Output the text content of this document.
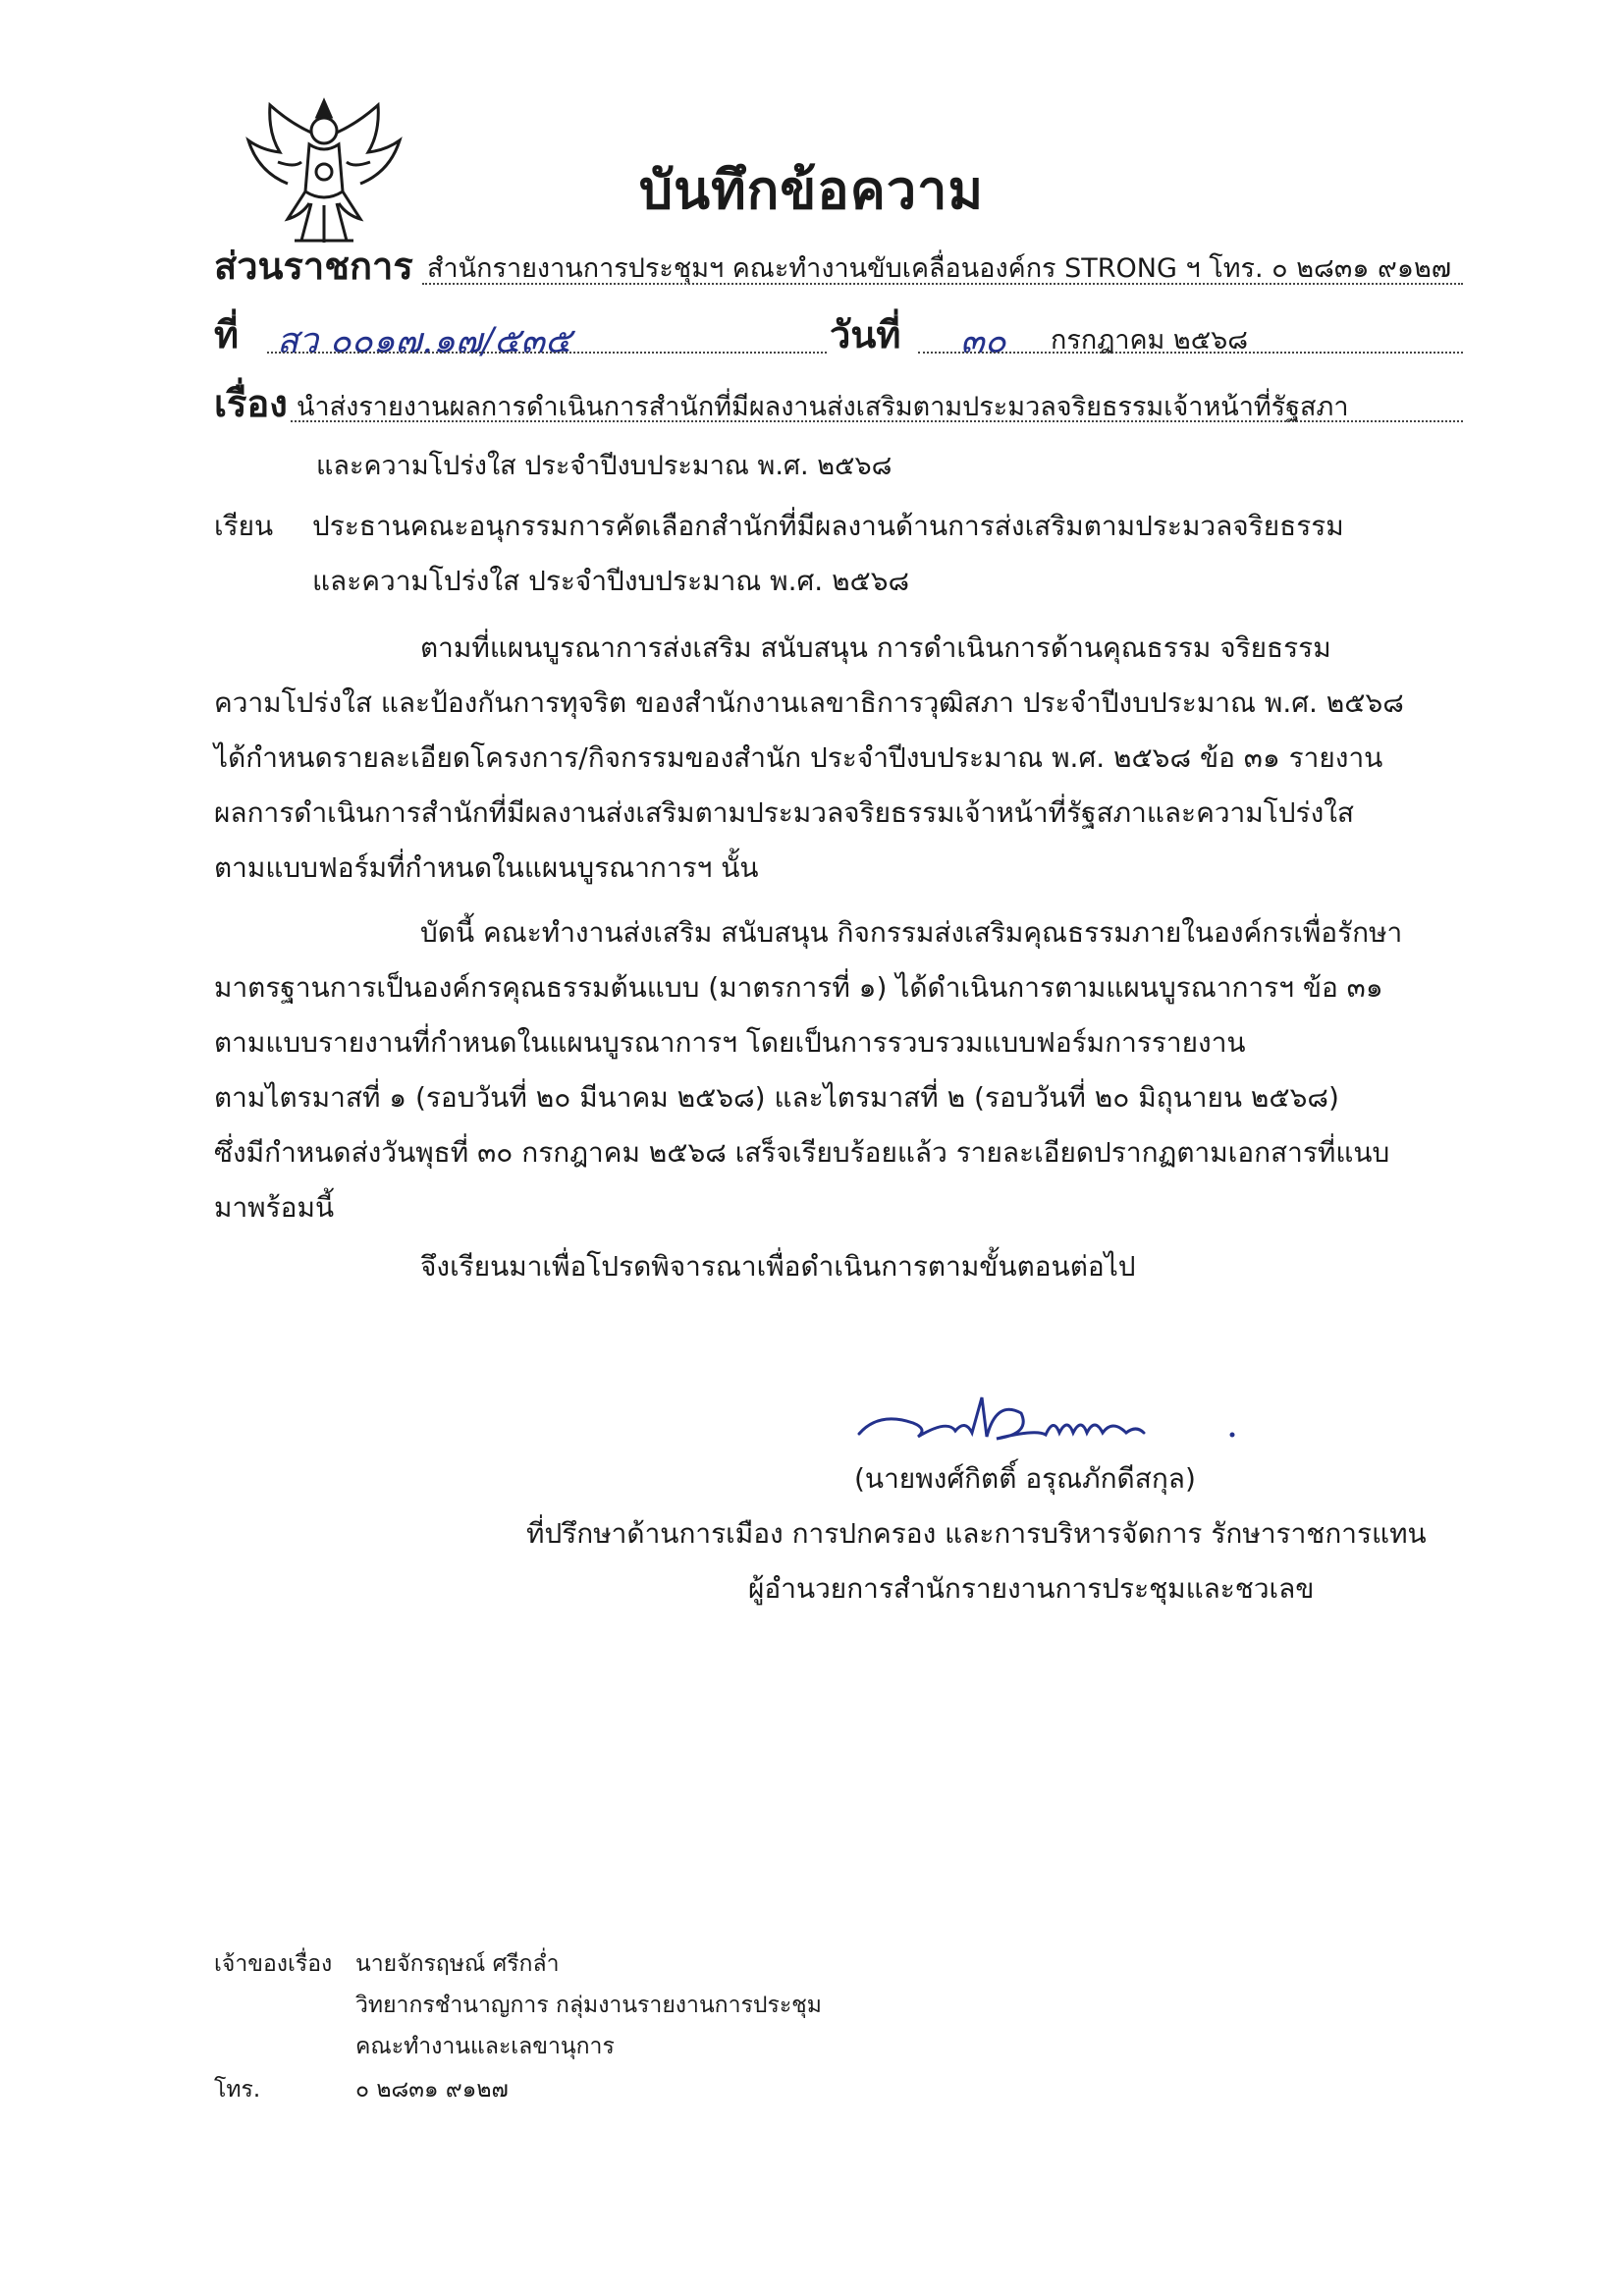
บันทึกข้อความ
ส่วนราชการ สำนักรายงานการประชุมฯ คณะทำงานขับเคลื่อนองค์กร STRONG ฯ โทร. ๐ ๒๘๓๑ ๙๑๒๗
ที่ สว ๐๐๑๗.๑๗/๕๓๕	วันที่ ๓๐ กรกฎาคม ๒๕๖๘
เรื่อง นำส่งรายงานผลการดำเนินการสำนักที่มีผลงานส่งเสริมตามประมวลจริยธรรมเจ้าหน้าที่รัฐสภา
และความโปร่งใส ประจำปีงบประมาณ พ.ศ. ๒๕๖๘
เรียน ประธานคณะอนุกรรมการคัดเลือกสำนักที่มีผลงานด้านการส่งเสริมตามประมวลจริยธรรม
และความโปร่งใส ประจำปีงบประมาณ พ.ศ. ๒๕๖๘
ตามที่แผนบูรณาการส่งเสริม สนับสนุน การดำเนินการด้านคุณธรรม จริยธรรม
ความโปร่งใส และป้องกันการทุจริต ของสำนักงานเลขาธิการวุฒิสภา ประจำปีงบประมาณ พ.ศ. ๒๕๖๘
ได้กำหนดรายละเอียดโครงการ/กิจกรรมของสำนัก ประจำปีงบประมาณ พ.ศ. ๒๕๖๘ ข้อ ๓๑ รายงาน
ผลการดำเนินการสำนักที่มีผลงานส่งเสริมตามประมวลจริยธรรมเจ้าหน้าที่รัฐสภาและความโปร่งใส
ตามแบบฟอร์มที่กำหนดในแผนบูรณาการฯ นั้น
บัดนี้ คณะทำงานส่งเสริม สนับสนุน กิจกรรมส่งเสริมคุณธรรมภายในองค์กรเพื่อรักษา
มาตรฐานการเป็นองค์กรคุณธรรมต้นแบบ (มาตรการที่ ๑) ได้ดำเนินการตามแผนบูรณาการฯ ข้อ ๓๑
ตามแบบรายงานที่กำหนดในแผนบูรณาการฯ โดยเป็นการรวบรวมแบบฟอร์มการรายงาน
ตามไตรมาสที่ ๑ (รอบวันที่ ๒๐ มีนาคม ๒๕๖๘) และไตรมาสที่ ๒ (รอบวันที่ ๒๐ มิถุนายน ๒๕๖๘)
ซึ่งมีกำหนดส่งวันพุธที่ ๓๐ กรกฎาคม ๒๕๖๘ เสร็จเรียบร้อยแล้ว รายละเอียดปรากฏตามเอกสารที่แนบ
มาพร้อมนี้
จึงเรียนมาเพื่อโปรดพิจารณาเพื่อดำเนินการตามขั้นตอนต่อไป
(นายพงศ์กิตติ์ อรุณภักดีสกุล)
ที่ปรึกษาด้านการเมือง การปกครอง และการบริหารจัดการ รักษาราชการแทน
ผู้อำนวยการสำนักรายงานการประชุมและชวเลข
เจ้าของเรื่อง นายจักรฤษณ์ ศรีกล่ำ
วิทยากรชำนาญการ กลุ่มงานรายงานการประชุม
คณะทำงานและเลขานุการ
โทร.	๐ ๒๘๓๑ ๙๑๒๗
